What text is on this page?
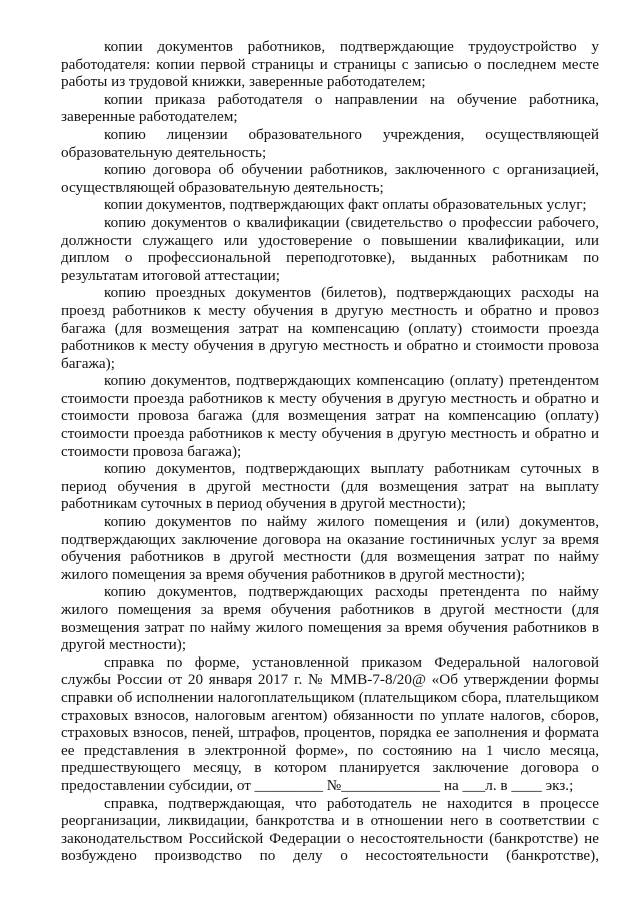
копии документов работников, подтверждающие трудоустройство у работодателя: копии первой страницы и страницы с записью о последнем месте работы из трудовой книжки, заверенные работодателем;

копии приказа работодателя о направлении на обучение работника, заверенные работодателем;

копию лицензии образовательного учреждения, осуществляющей образовательную деятельность;

копию договора об обучении работников, заключенного с организацией, осуществляющей образовательную деятельность;

копии документов, подтверждающих факт оплаты образовательных услуг;

копию документов о квалификации (свидетельство о профессии рабочего, должности служащего или удостоверение о повышении квалификации, или диплом о профессиональной переподготовке), выданных работникам по результатам итоговой аттестации;

копию проездных документов (билетов), подтверждающих расходы на проезд работников к месту обучения в другую местность и обратно и провоз багажа (для возмещения затрат на компенсацию (оплату) стоимости проезда работников к месту обучения в другую местность и обратно и стоимости провоза багажа);

копию документов, подтверждающих компенсацию (оплату) претендентом стоимости проезда работников к месту обучения в другую местность и обратно и стоимости провоза багажа (для возмещения затрат на компенсацию (оплату) стоимости проезда работников к месту обучения в другую местность и обратно и стоимости провоза багажа);

копию документов, подтверждающих выплату работникам суточных в период обучения в другой местности (для возмещения затрат на выплату работникам суточных в период обучения в другой местности);

копию документов по найму жилого помещения и (или) документов, подтверждающих заключение договора на оказание гостиничных услуг за время обучения работников в другой местности (для возмещения затрат по найму жилого помещения за время обучения работников в другой местности);

копию документов, подтверждающих расходы претендента по найму жилого помещения за время обучения работников в другой местности (для возмещения затрат по найму жилого помещения за время обучения работников в другой местности);

справка по форме, установленной приказом Федеральной налоговой службы России от 20 января 2017 г. № ММВ-7-8/20@ «Об утверждении формы справки об исполнении налогоплательщиком (плательщиком сбора, плательщиком страховых взносов, налоговым агентом) обязанности по уплате налогов, сборов, страховых взносов, пеней, штрафов, процентов, порядка ее заполнения и формата ее представления в электронной форме», по состоянию на 1 число месяца, предшествующего месяцу, в котором планируется заключение договора о предоставлении субсидии, от _________ №_____________ на ___л. в ____ экз.;

справка, подтверждающая, что работодатель не находится в процессе реорганизации, ликвидации, банкротства и в отношении него в соответствии с законодательством Российской Федерации о несостоятельности (банкротстве) не возбуждено производство по делу о несостоятельности (банкротстве),
